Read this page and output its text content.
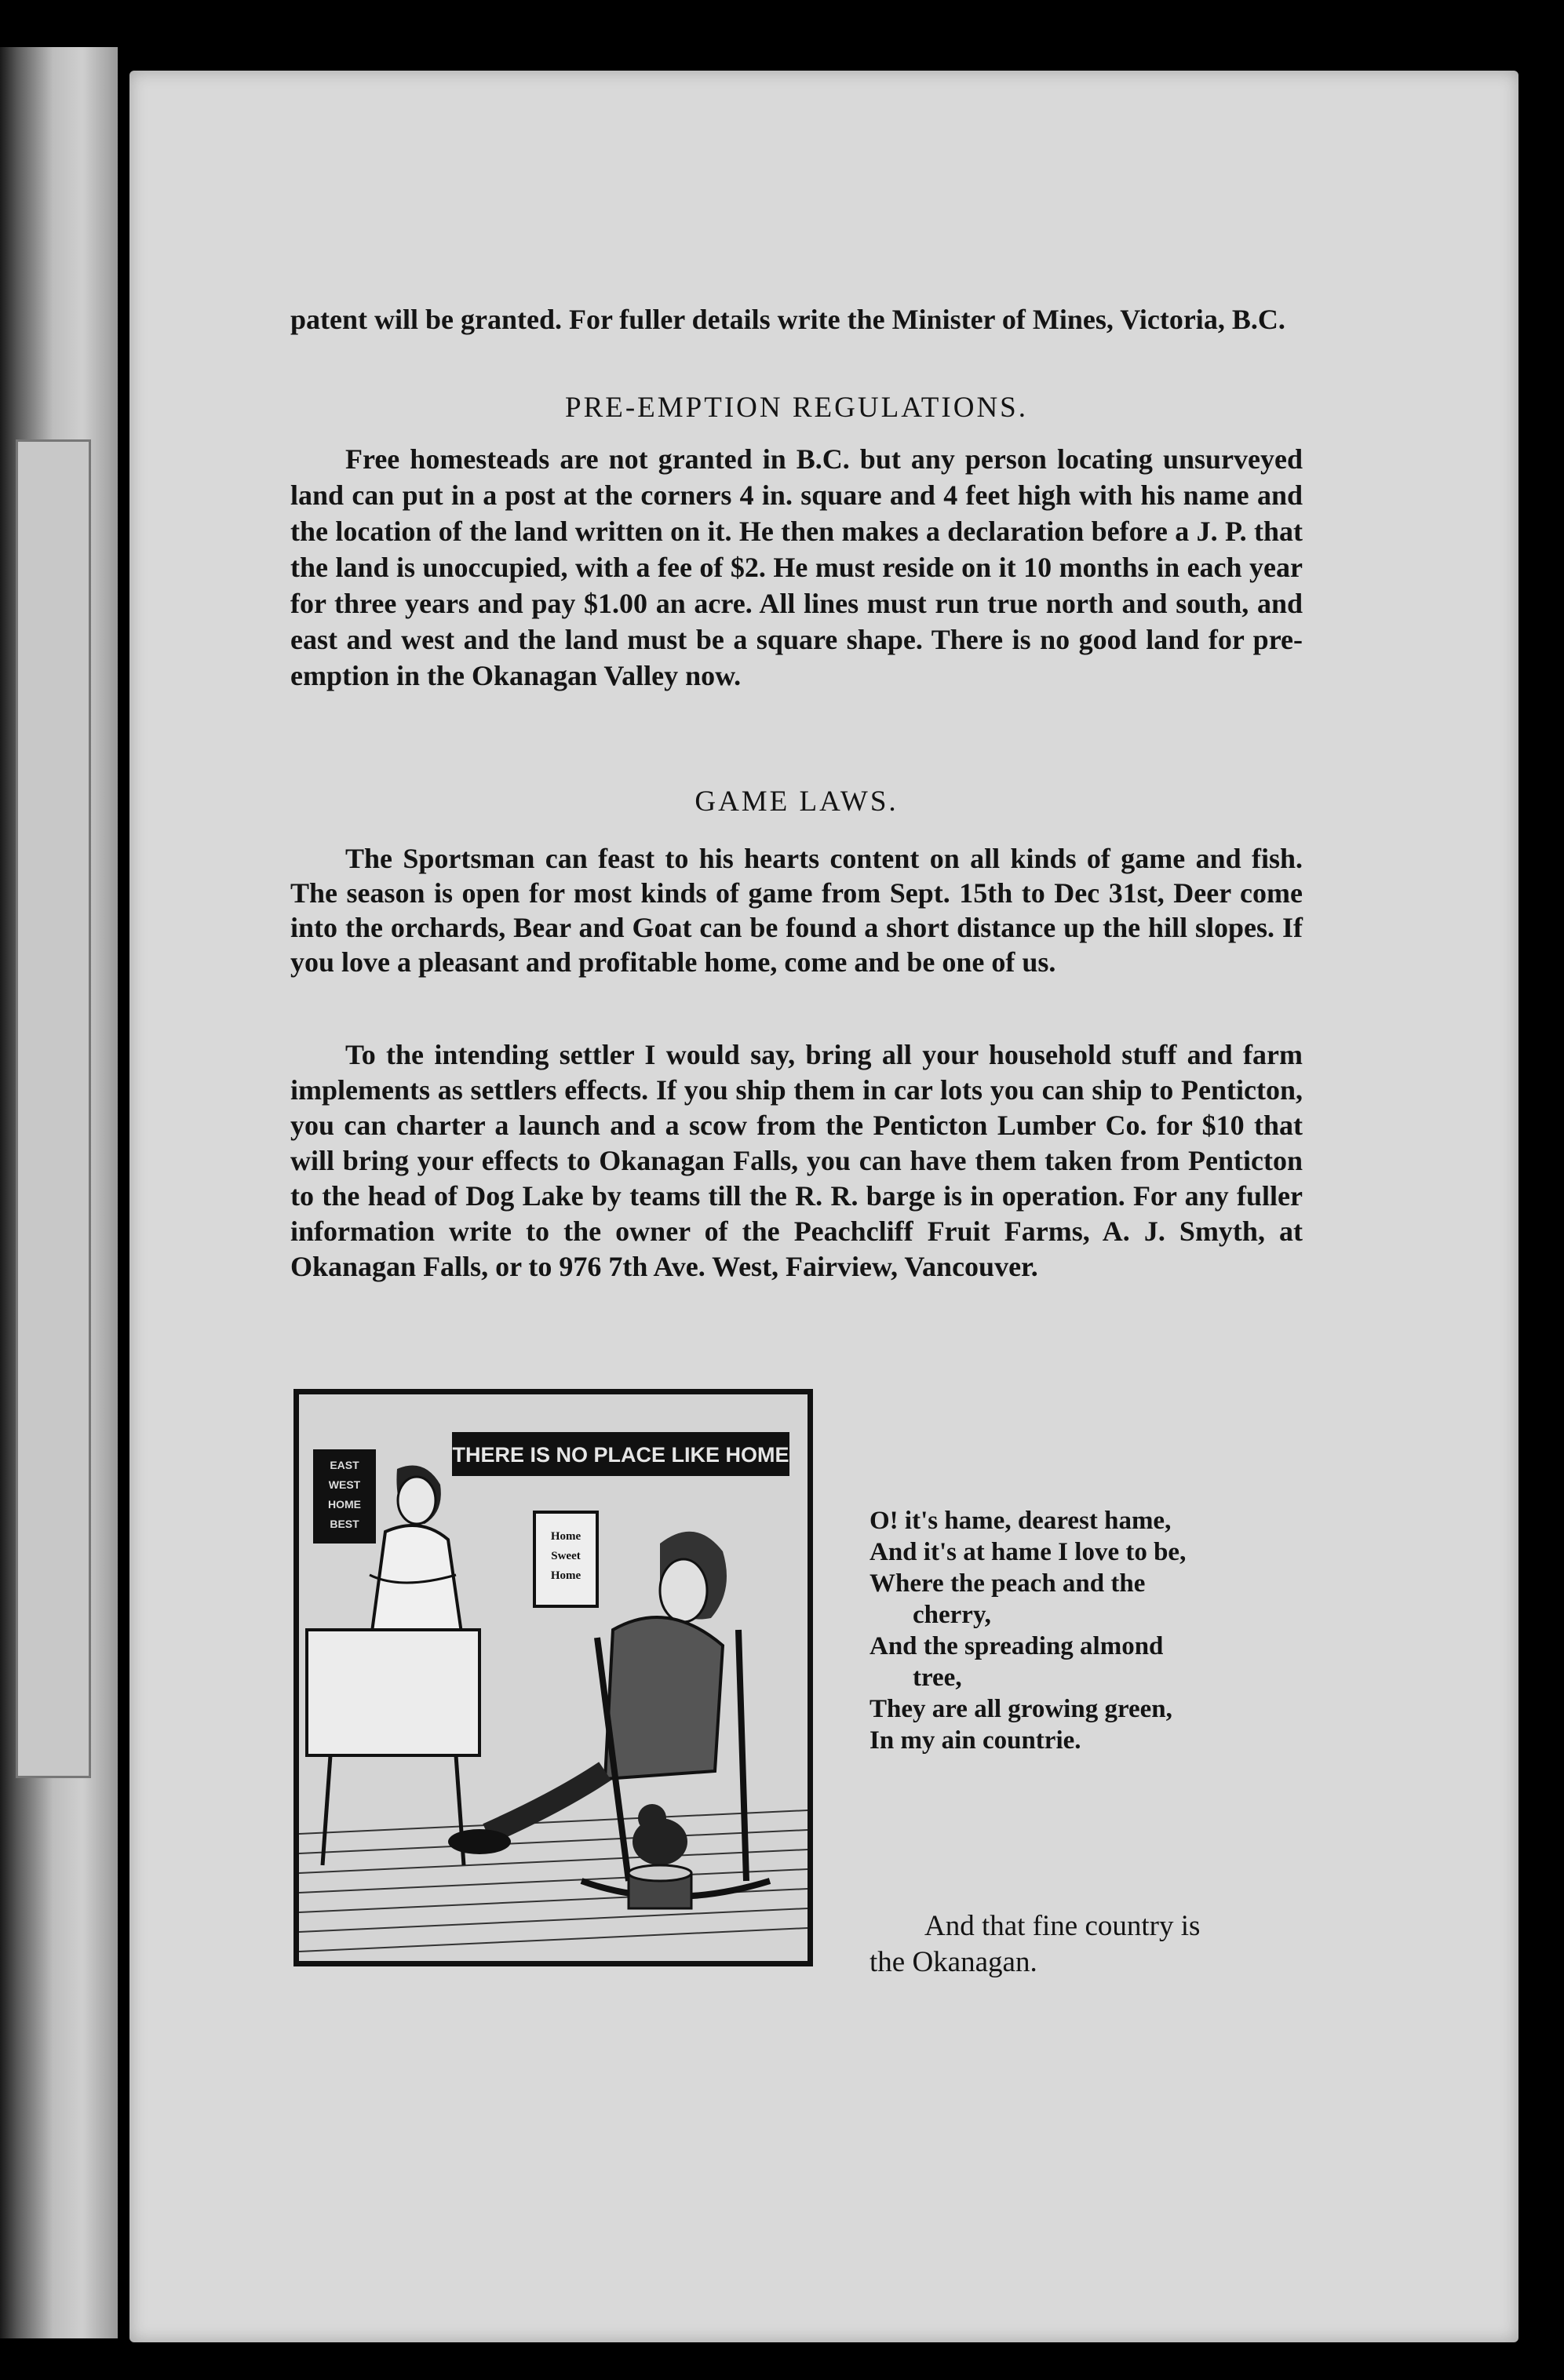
patent will be granted. For fuller details write the Minister of Mines, Victoria, B.C.

PRE-EMPTION REGULATIONS.

Free homesteads are not granted in B.C. but any person locating unsurveyed land can put in a post at the corners 4 in. square and 4 feet high with his name and the location of the land written on it. He then makes a declaration before a J. P. that the land is unoccupied, with a fee of $2. He must reside on it 10 months in each year for three years and pay $1.00 an acre. All lines must run true north and south, and east and west and the land must be a square shape. There is no good land for pre-emption in the Okanagan Valley now.

GAME LAWS.

The Sportsman can feast to his hearts content on all kinds of game and fish. The season is open for most kinds of game from Sept. 15th to Dec 31st, Deer come into the orchards, Bear and Goat can be found a short distance up the hill slopes. If you love a pleasant and profitable home, come and be one of us.

To the intending settler I would say, bring all your household stuff and farm implements as settlers effects. If you ship them in car lots you can ship to Penticton, you can charter a launch and a scow from the Penticton Lumber Co. for $10 that will bring your effects to Okanagan Falls, you can have them taken from Penticton to the head of Dog Lake by teams till the R. R. barge is in operation. For any fuller information write to the owner of the Peachcliff Fruit Farms, A. J. Smyth, at Okanagan Falls, or to 976 7th Ave. West, Fairview, Vancouver.

THERE IS NO PLACE LIKE HOME
EAST
WEST
HOME
BEST
Home
Sweet
Home
O! it's hame, dearest hame,
And it's at hame I love to be,
Where the peach and the
cherry,
And the spreading almond
tree,
They are all growing green,
In my ain countrie.
And that fine country is
the Okanagan.
